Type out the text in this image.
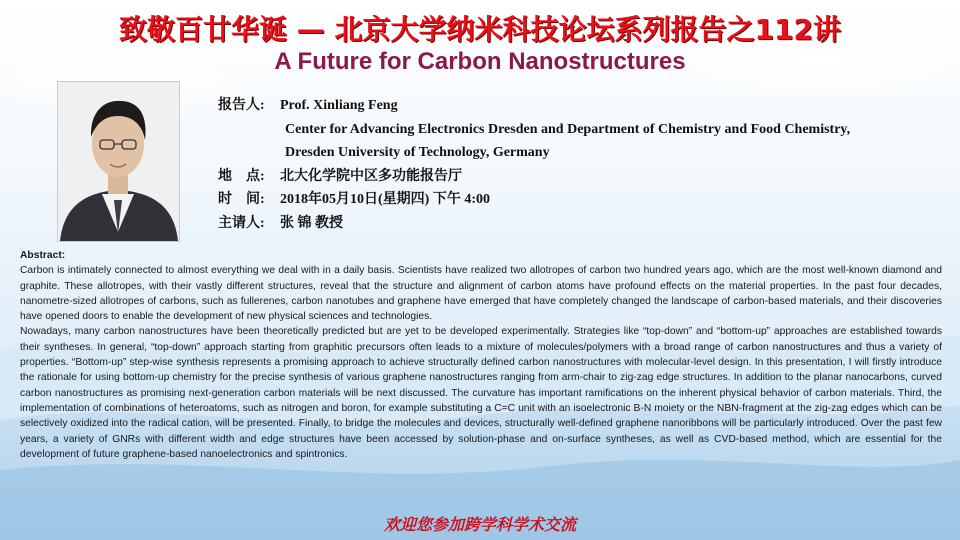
致敬百廿华诞 — 北京大学纳米科技论坛系列报告之112讲
A Future for Carbon Nanostructures
报告人: Prof. Xinliang Feng
Center for Advancing Electronics Dresden and Department of Chemistry and Food Chemistry,
Dresden University of Technology, Germany
地　点: 北大化学院中区多功能报告厅
时　间: 2018年05月10日(星期四) 下午 4:00
主请人: 张 锦 教授
Abstract:

Carbon is intimately connected to almost everything we deal with in a daily basis. Scientists have realized two allotropes of carbon two hundred years ago, which are the most well-known diamond and graphite. These allotropes, with their vastly different structures, reveal that the structure and alignment of carbon atoms have profound effects on the material properties. In the past four decades, nanometre-sized allotropes of carbons, such as fullerenes, carbon nanotubes and graphene have emerged that have completely changed the landscape of carbon-based materials, and their discoveries have opened doors to enable the development of new physical sciences and technologies.

Nowadays, many carbon nanostructures have been theoretically predicted but are yet to be developed experimentally. Strategies like “top-down” and “bottom-up” approaches are established towards their syntheses. In general, “top-down” approach starting from graphitic precursors often leads to a mixture of molecules/polymers with a broad range of carbon nanostructures and thus a variety of properties. “Bottom-up” step-wise synthesis represents a promising approach to achieve structurally defined carbon nanostructures with molecular-level design. In this presentation, I will firstly introduce the rationale for using bottom-up chemistry for the precise synthesis of various graphene nanostructures ranging from arm-chair to zig-zag edge structures. In addition to the planar nanocarbons, curved carbon nanostructures as promising next-generation carbon materials will be next discussed. The curvature has important ramifications on the inherent physical behavior of carbon materials. Third, the implementation of combinations of heteroatoms, such as nitrogen and boron, for example substituting a C=C unit with an isoelectronic B-N moiety or the NBN-fragment at the zig-zag edges which can be selectively oxidized into the radical cation, will be presented. Finally, to bridge the molecules and devices, structurally well-defined graphene nanoribbons will be particularly introduced. Over the past few years, a variety of GNRs with different width and edge structures have been accessed by solution-phase and on-surface syntheses, as well as CVD-based method, which are essential for the development of future graphene-based nanoelectronics and spintronics.

欢迎您参加跨学科学术交流
